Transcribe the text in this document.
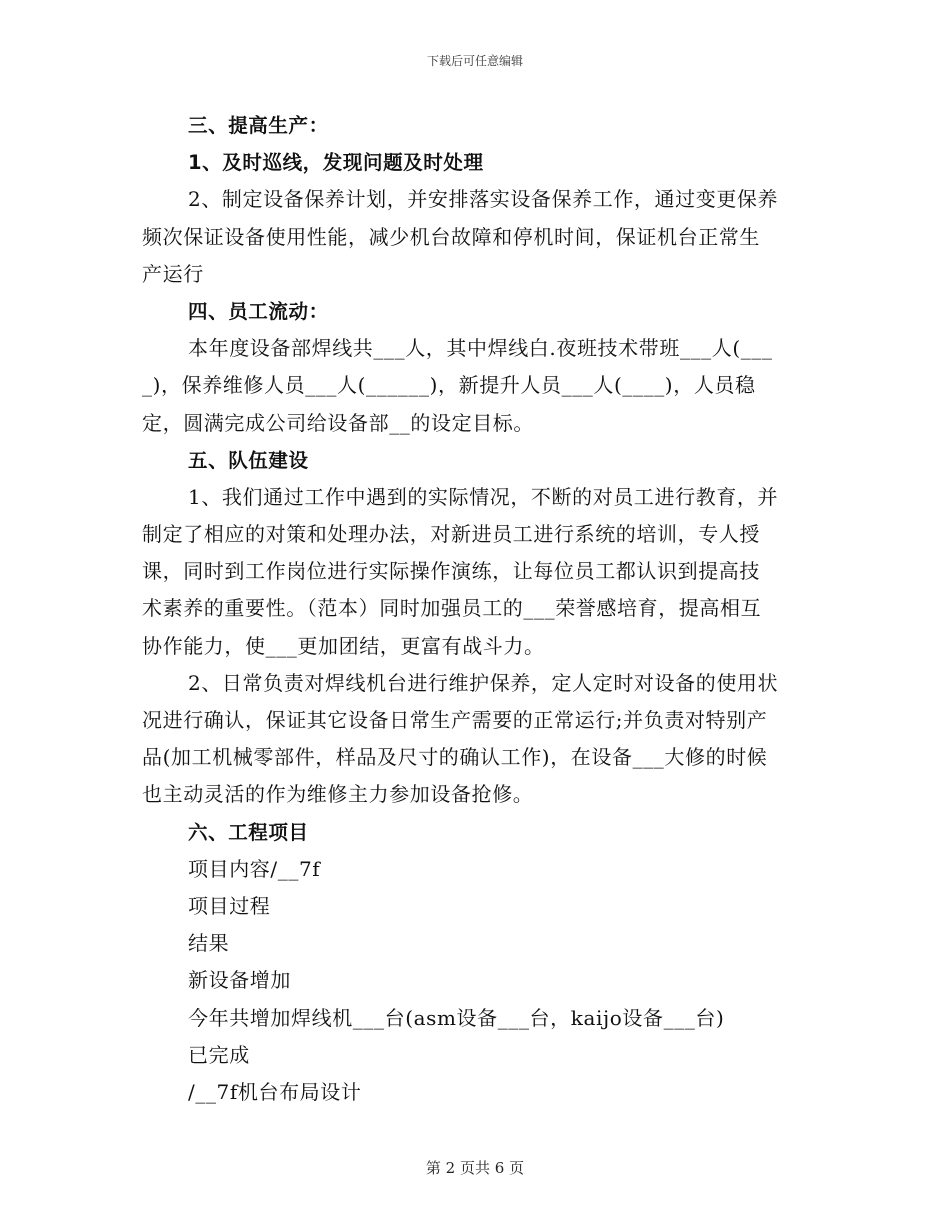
下载后可任意编辑
三、提高生产：
1、及时巡线，发现问题及时处理
2、制定设备保养计划，并安排落实设备保养工作，通过变更保养
频次保证设备使用性能，减少机台故障和停机时间，保证机台正常生
产运行
四、员工流动：
本年度设备部焊线共___人，其中焊线白.夜班技术带班___人(___
_)，保养维修人员___人(______)，新提升人员___人(____)，人员稳
定，圆满完成公司给设备部__的设定目标。
五、队伍建设
1、我们通过工作中遇到的实际情况，不断的对员工进行教育，并
制定了相应的对策和处理办法，对新进员工进行系统的培训，专人授
课，同时到工作岗位进行实际操作演练，让每位员工都认识到提高技
术素养的重要性。（范本）同时加强员工的___荣誉感培育，提高相互
协作能力，使___更加团结，更富有战斗力。
2、日常负责对焊线机台进行维护保养，定人定时对设备的使用状
况进行确认，保证其它设备日常生产需要的正常运行;并负责对特别产
品(加工机械零部件，样品及尺寸的确认工作)，在设备___大修的时候
也主动灵活的作为维修主力参加设备抢修。
六、工程项目
项目内容/__7f
项目过程
结果
新设备增加
今年共增加焊线机___台(asm设备___台，kaijo设备___台)
已完成
/__7f机台布局设计
第 2 页共 6 页
